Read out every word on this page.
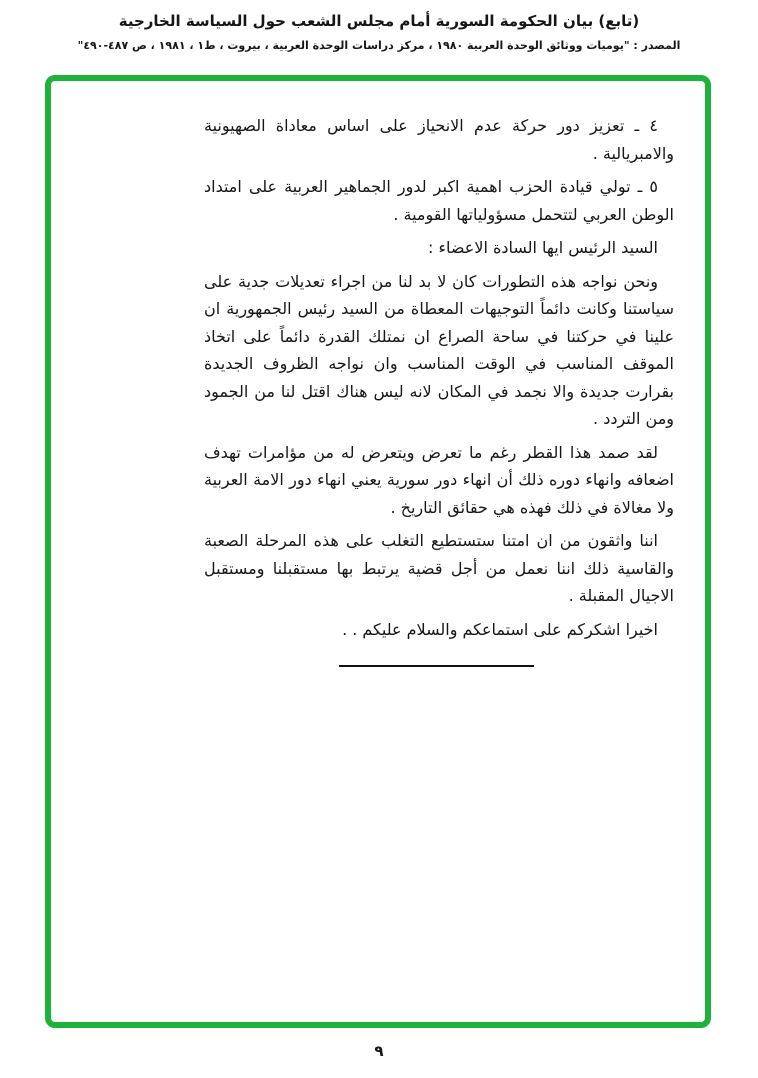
(تابع) بيان الحكومة السورية أمام مجلس الشعب حول السياسة الخارجية
المصدر : "يوميات ووثائق الوحدة العربية ١٩٨٠ ، مركز دراسات الوحدة العربية ، بيروت ، ط١ ، ١٩٨١ ، ص ٤٨٧-٤٩٠"

٤ ـ تعزيز دور حركة عدم الانحياز على اساس معاداة الصهيونية والامبريالية .

٥ ـ تولي قيادة الحزب اهمية اكبر لدور الجماهير العربية على امتداد الوطن العربي لتتحمل مسؤولياتها القومية .

السيد الرئيس ايها السادة الاعضاء :

ونحن نواجه هذه التطورات كان لا بد لنا من اجراء تعديلات جدية على سياستنا وكانت دائماً التوجيهات المعطاة من السيد رئيس الجمهورية ان علينا في حركتنا في ساحة الصراع ان نمتلك القدرة دائماً على اتخاذ الموقف المناسب في الوقت المناسب وان نواجه الظروف الجديدة بقرارت جديدة والا نجمد في المكان لانه ليس هناك اقتل لنا من الجمود ومن التردد .

لقد صمد هذا القطر رغم ما تعرض ويتعرض له من مؤامرات تهدف اضعافه وانهاء دوره ذلك أن انهاء دور سورية يعني انهاء دور الامة العربية ولا مغالاة في ذلك فهذه هي حقائق التاريخ .

اننا واثقون من ان امتنا ستستطيع التغلب على هذه المرحلة الصعبة والقاسية ذلك اننا نعمل من أجل قضية يرتبط بها مستقبلنا ومستقبل الاجيال المقبلة .

اخيرا اشكركم على استماعكم والسلام عليكم . .

٩
